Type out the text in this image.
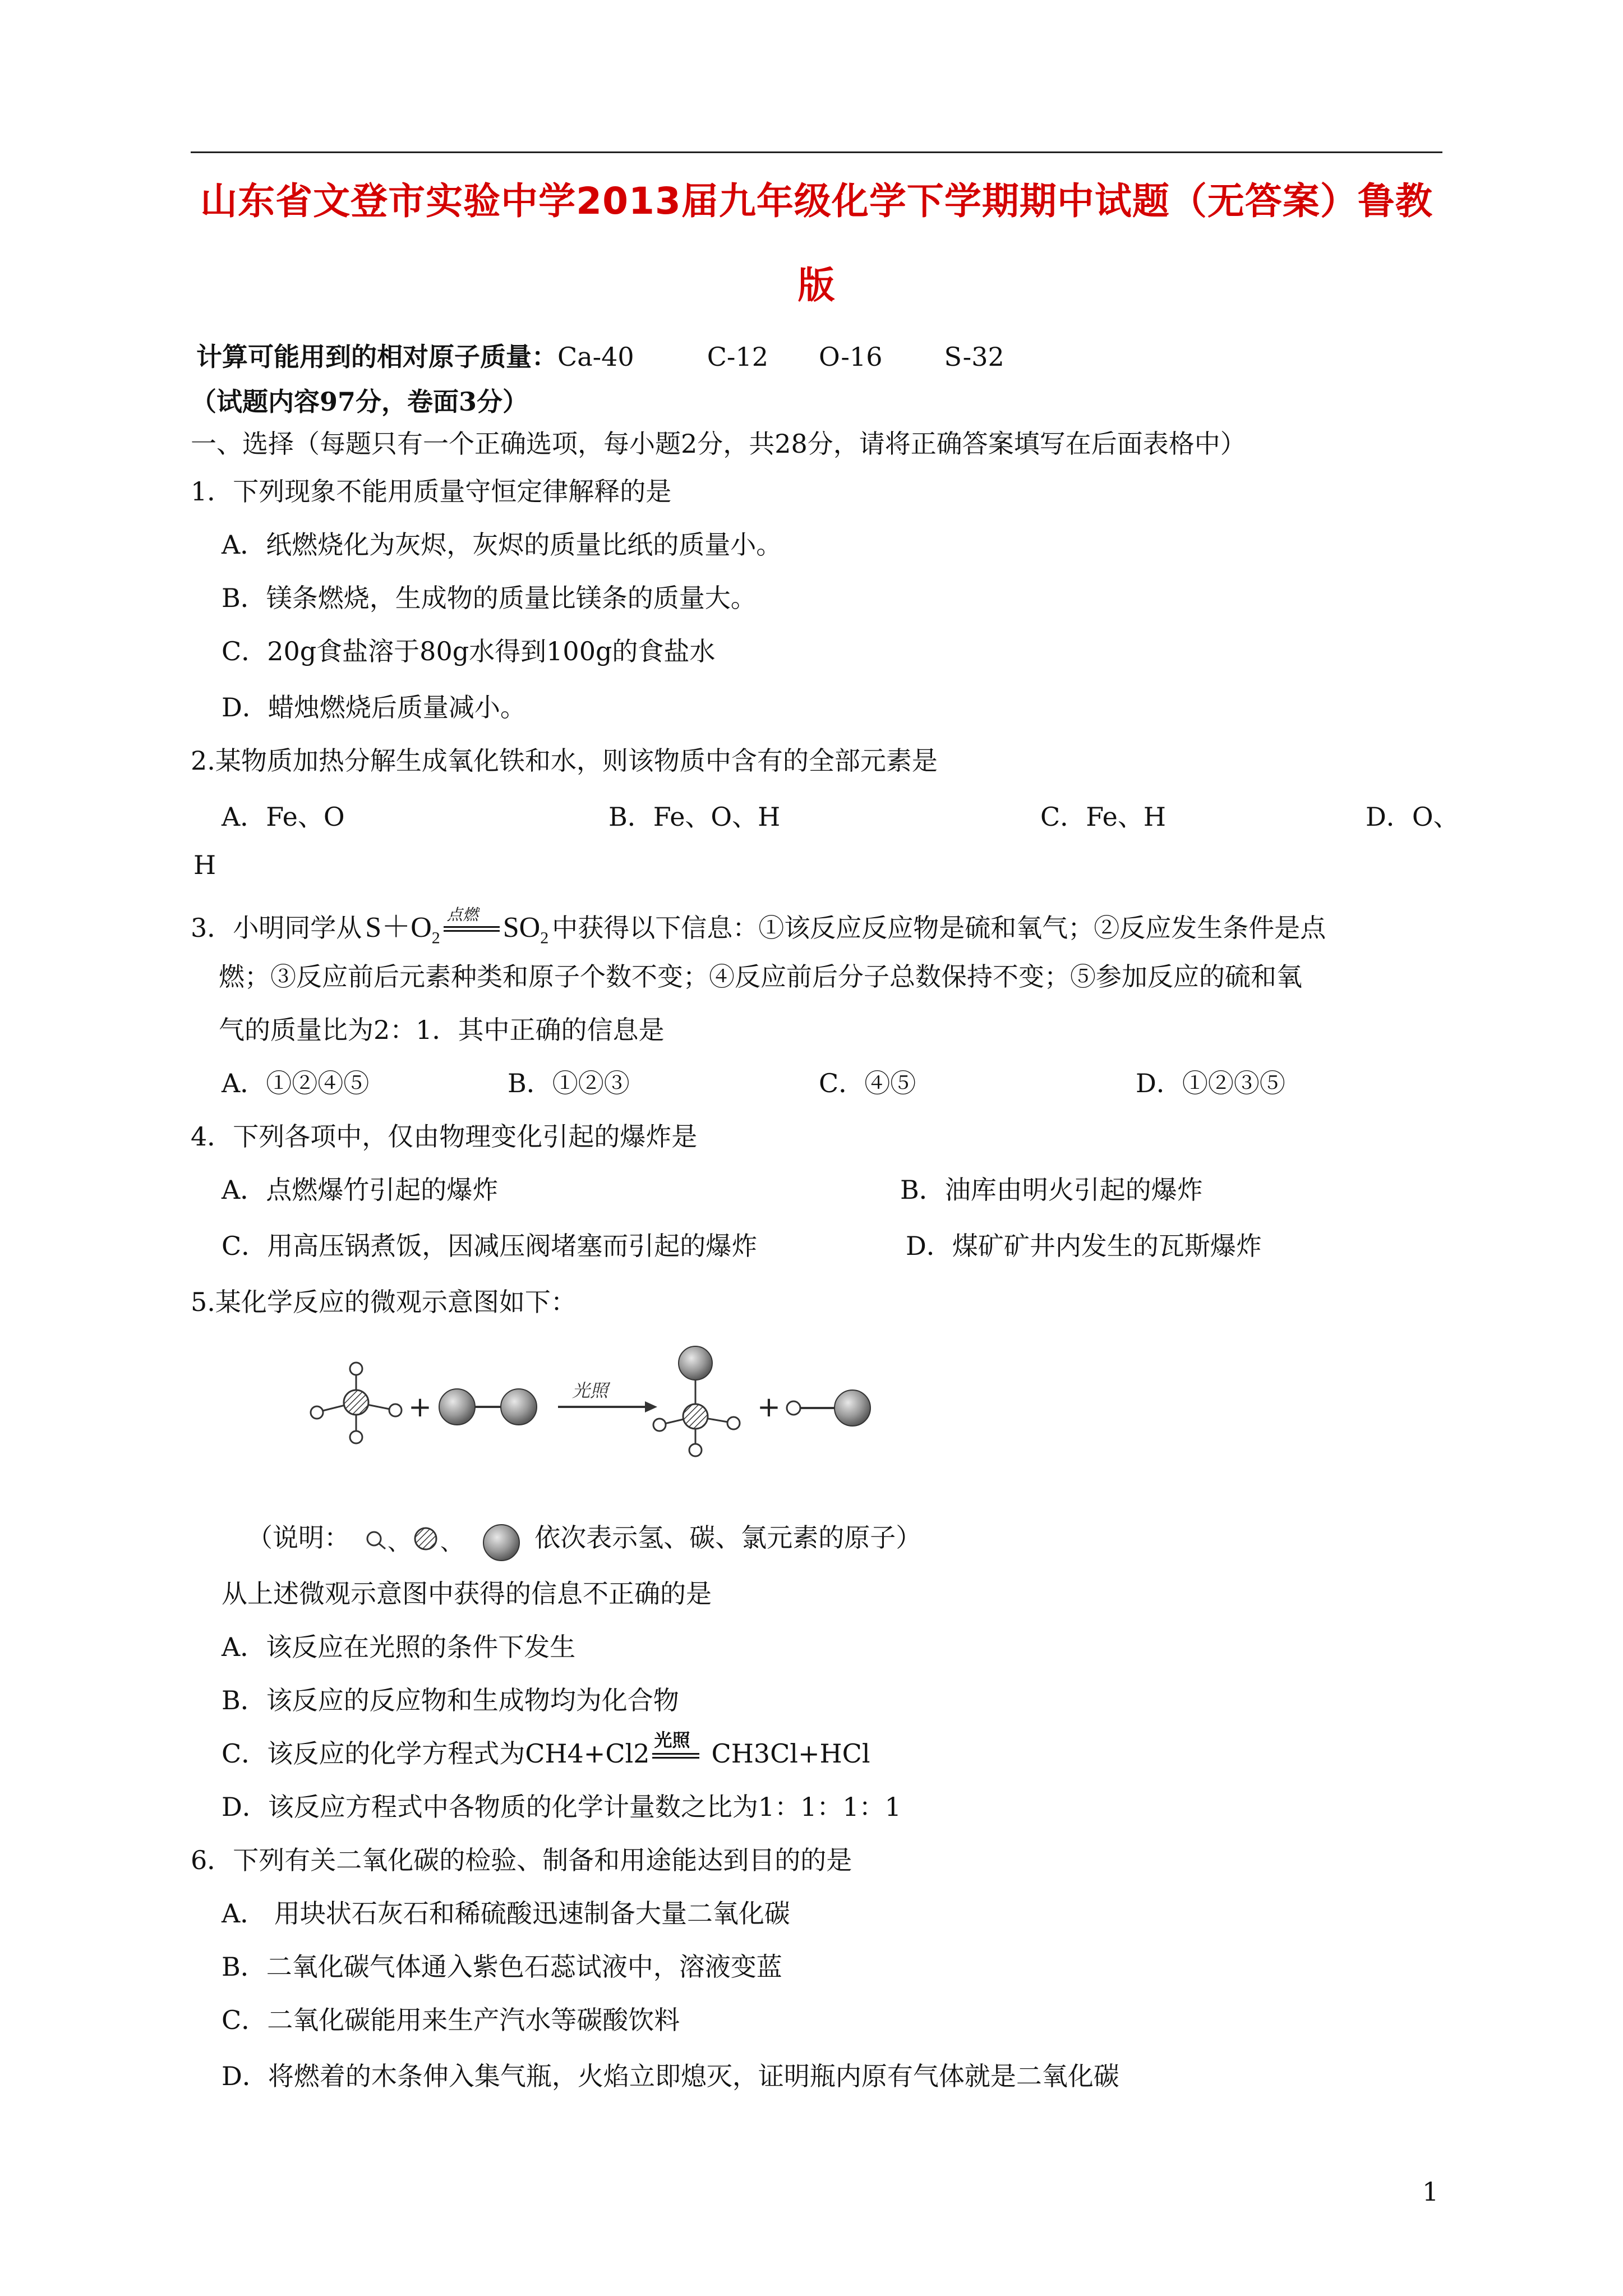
山东省文登市实验中学2013届九年级化学下学期期中试题（无答案）鲁教
版
计算可能用到的相对原子质量：Ca-40	C-12 O-16 S-32
（试题内容97分，卷面3分）
一、选择（每题只有一个正确选项，每小题2分，共28分，请将正确答案填写在后面表格中）
1．下列现象不能用质量守恒定律解释的是
A．纸燃烧化为灰烬，灰烬的质量比纸的质量小。
B．镁条燃烧，生成物的质量比镁条的质量大。
C．20g食盐溶于80g水得到100g的食盐水
D．蜡烛燃烧后质量减小。
2.某物质加热分解生成氧化铁和水，则该物质中含有的全部元素是
A．Fe、O	B．Fe、O、H	C．Fe、H	D．O、
H
3．小明同学从 $S+O_2$
点燃 $SO_2$ 中获得以下信息：①该反应反应物是硫和氧气；②反应发生条件是点
燃；③反应前后元素种类和原子个数不变；④反应前后分子总数保持不变；⑤参加反应的硫和氧
气的质量比为2：1．其中正确的信息是
A．①②④⑤	B．①②③	C．④⑤	D．①②③⑤
4．下列各项中，仅由物理变化引起的爆炸是
A．点燃爆竹引起的爆炸	B．油库由明火引起的爆炸
C．用高压锅煮饭，因减压阀堵塞而引起的爆炸	D．煤矿矿井内发生的瓦斯爆炸
5.某化学反应的微观示意图如下：
+	光照	+
（说明： 、 、	依次表示氢、碳、氯元素的原子）
从上述微观示意图中获得的信息不正确的是
A．该反应在光照的条件下发生
B．该反应的反应物和生成物均为化合物
C．该反应的化学方程式为CH4+Cl2 光照 CH3Cl+HCl
D．该反应方程式中各物质的化学计量数之比为1：1：1：1
6．下列有关二氧化碳的检验、制备和用途能达到目的的是
A． 用块状石灰石和稀硫酸迅速制备大量二氧化碳
B．二氧化碳气体通入紫色石蕊试液中，溶液变蓝
C．二氧化碳能用来生产汽水等碳酸饮料
D．将燃着的木条伸入集气瓶，火焰立即熄灭，证明瓶内原有气体就是二氧化碳
1
